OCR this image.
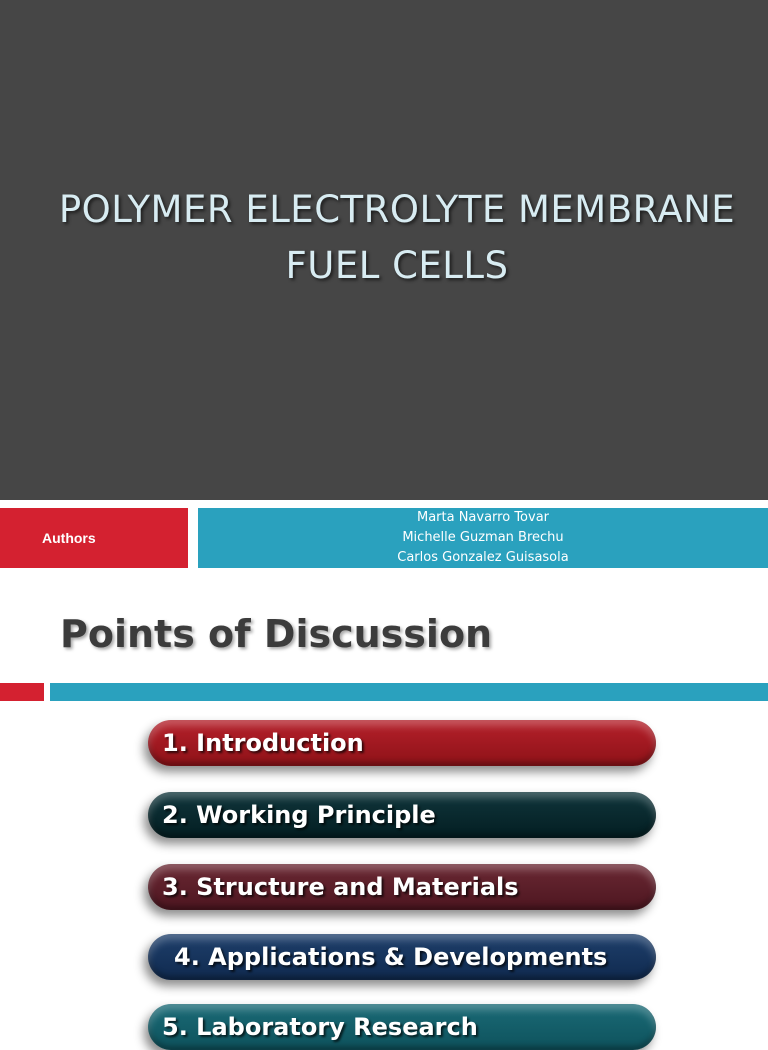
POLYMER ELECTROLYTE MEMBRANE
FUEL CELLS
Authors
Marta Navarro Tovar
Michelle Guzman Brechu
Carlos Gonzalez Guisasola
Points of Discussion
1. Introduction
2. Working Principle
3. Structure and Materials
4. Applications & Developments
5. Laboratory Research
